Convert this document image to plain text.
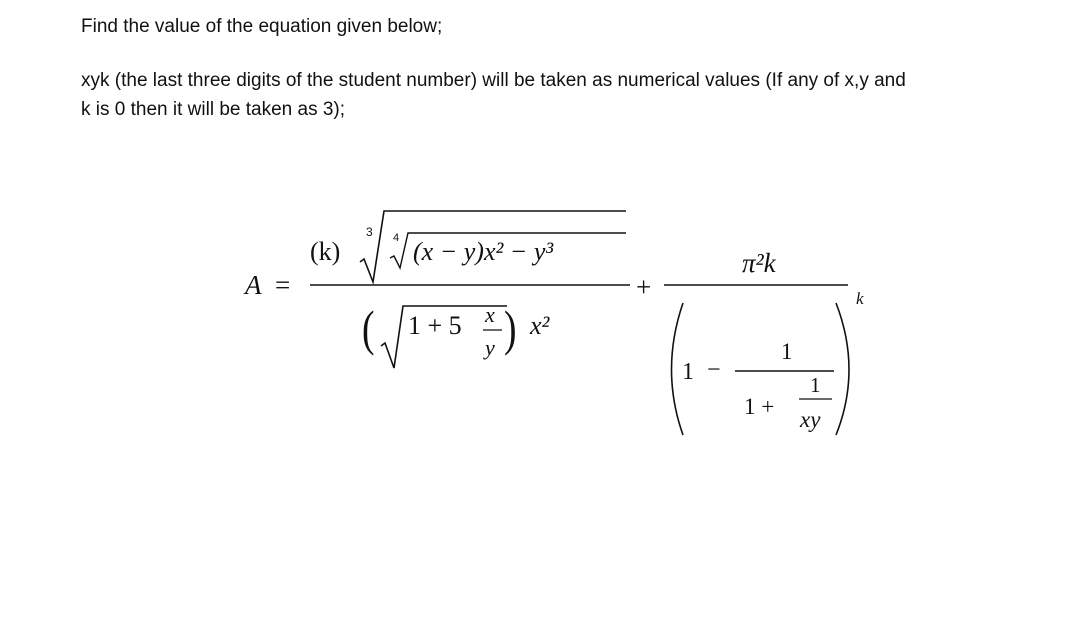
Find the value of the equation given below;
xyk (the last three digits of the student number) will be taken as numerical values (If any of x,y and
k is 0 then it will be taken as 3);
A =
(k)
3 4 (x − y)x² − y³
( 1 + 5 x
y ) x²
+
π²k
1 −
1
1 +
1
xy
k
